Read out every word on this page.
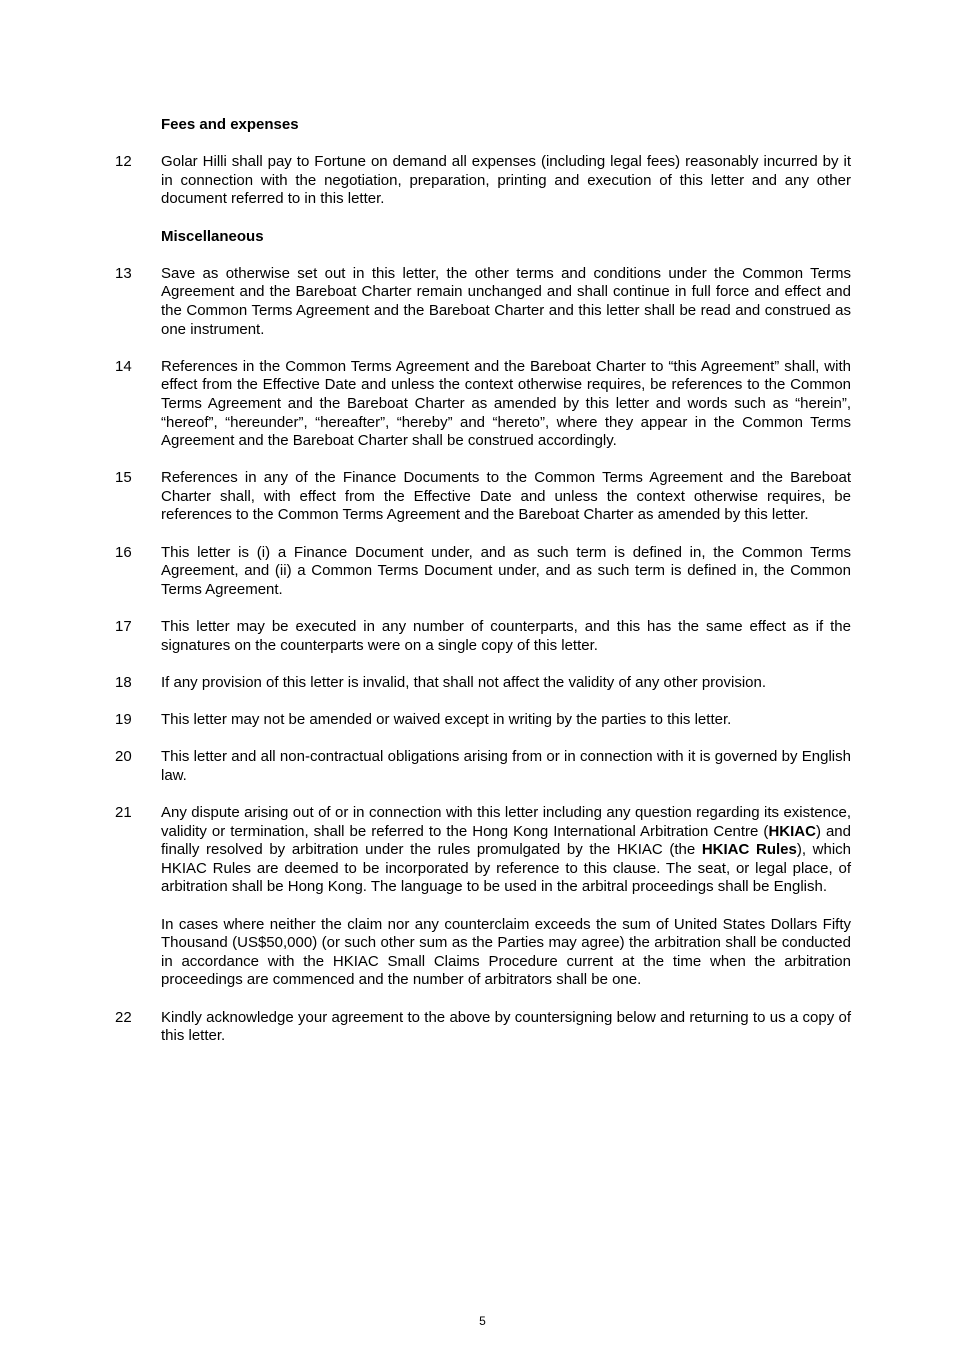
Fees and expenses
12	Golar Hilli shall pay to Fortune on demand all expenses (including legal fees) reasonably incurred by it in connection with the negotiation, preparation, printing and execution of this letter and any other document referred to in this letter.

Miscellaneous
13	Save as otherwise set out in this letter, the other terms and conditions under the Common Terms Agreement and the Bareboat Charter remain unchanged and shall continue in full force and effect and the Common Terms Agreement and the Bareboat Charter and this letter shall be read and construed as one instrument.

14	References in the Common Terms Agreement and the Bareboat Charter to “this Agreement” shall, with effect from the Effective Date and unless the context otherwise requires, be references to the Common Terms Agreement and the Bareboat Charter as amended by this letter and words such as “herein”, “hereof”, “hereunder”, “hereafter”, “hereby” and “hereto”, where they appear in the Common Terms Agreement and the Bareboat Charter shall be construed accordingly.

15	References in any of the Finance Documents to the Common Terms Agreement and the Bareboat Charter shall, with effect from the Effective Date and unless the context otherwise requires, be references to the Common Terms Agreement and the Bareboat Charter as amended by this letter.

16	This letter is (i) a Finance Document under, and as such term is defined in, the Common Terms Agreement, and (ii) a Common Terms Document under, and as such term is defined in, the Common Terms Agreement.

17	This letter may be executed in any number of counterparts, and this has the same effect as if the signatures on the counterparts were on a single copy of this letter.

18	If any provision of this letter is invalid, that shall not affect the validity of any other provision.

19	This letter may not be amended or waived except in writing by the parties to this letter.

20	This letter and all non-contractual obligations arising from or in connection with it is governed by English law.

21	Any dispute arising out of or in connection with this letter including any question regarding its existence, validity or termination, shall be referred to the Hong Kong International Arbitration Centre (HKIAC) and finally resolved by arbitration under the rules promulgated by the HKIAC (the HKIAC Rules), which HKIAC Rules are deemed to be incorporated by reference to this clause. The seat, or legal place, of arbitration shall be Hong Kong. The language to be used in the arbitral proceedings shall be English.

In cases where neither the claim nor any counterclaim exceeds the sum of United States Dollars Fifty Thousand (US$50,000) (or such other sum as the Parties may agree) the arbitration shall be conducted in accordance with the HKIAC Small Claims Procedure current at the time when the arbitration proceedings are commenced and the number of arbitrators shall be one.

22	Kindly acknowledge your agreement to the above by countersigning below and returning to us a copy of this letter.

5
